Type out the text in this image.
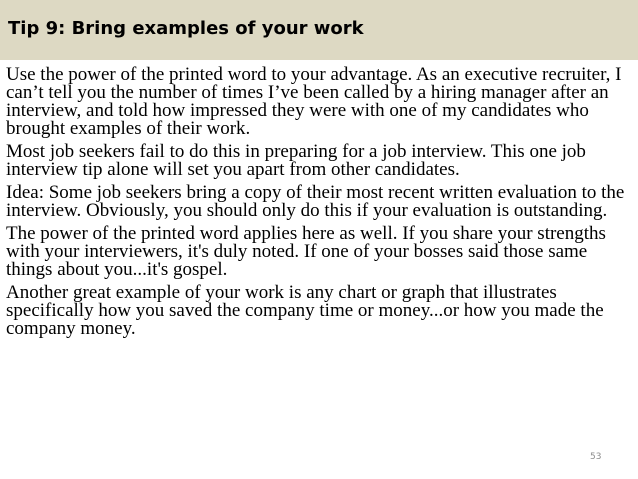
Tip 9: Bring examples of your work

Use the power of the printed word to your advantage. As an executive recruiter, I can’t tell you the number of times I’ve been called by a hiring manager after an interview, and told how impressed they were with one of my candidates who brought examples of their work.

Most job seekers fail to do this in preparing for a job interview. This one job interview tip alone will set you apart from other candidates.

Idea: Some job seekers bring a copy of their most recent written evaluation to the interview. Obviously, you should only do this if your evaluation is outstanding.

The power of the printed word applies here as well. If you share your strengths with your interviewers, it's duly noted. If one of your bosses said those same things about you...it's gospel.

Another great example of your work is any chart or graph that illustrates specifically how you saved the company time or money...or how you made the company money.

53
